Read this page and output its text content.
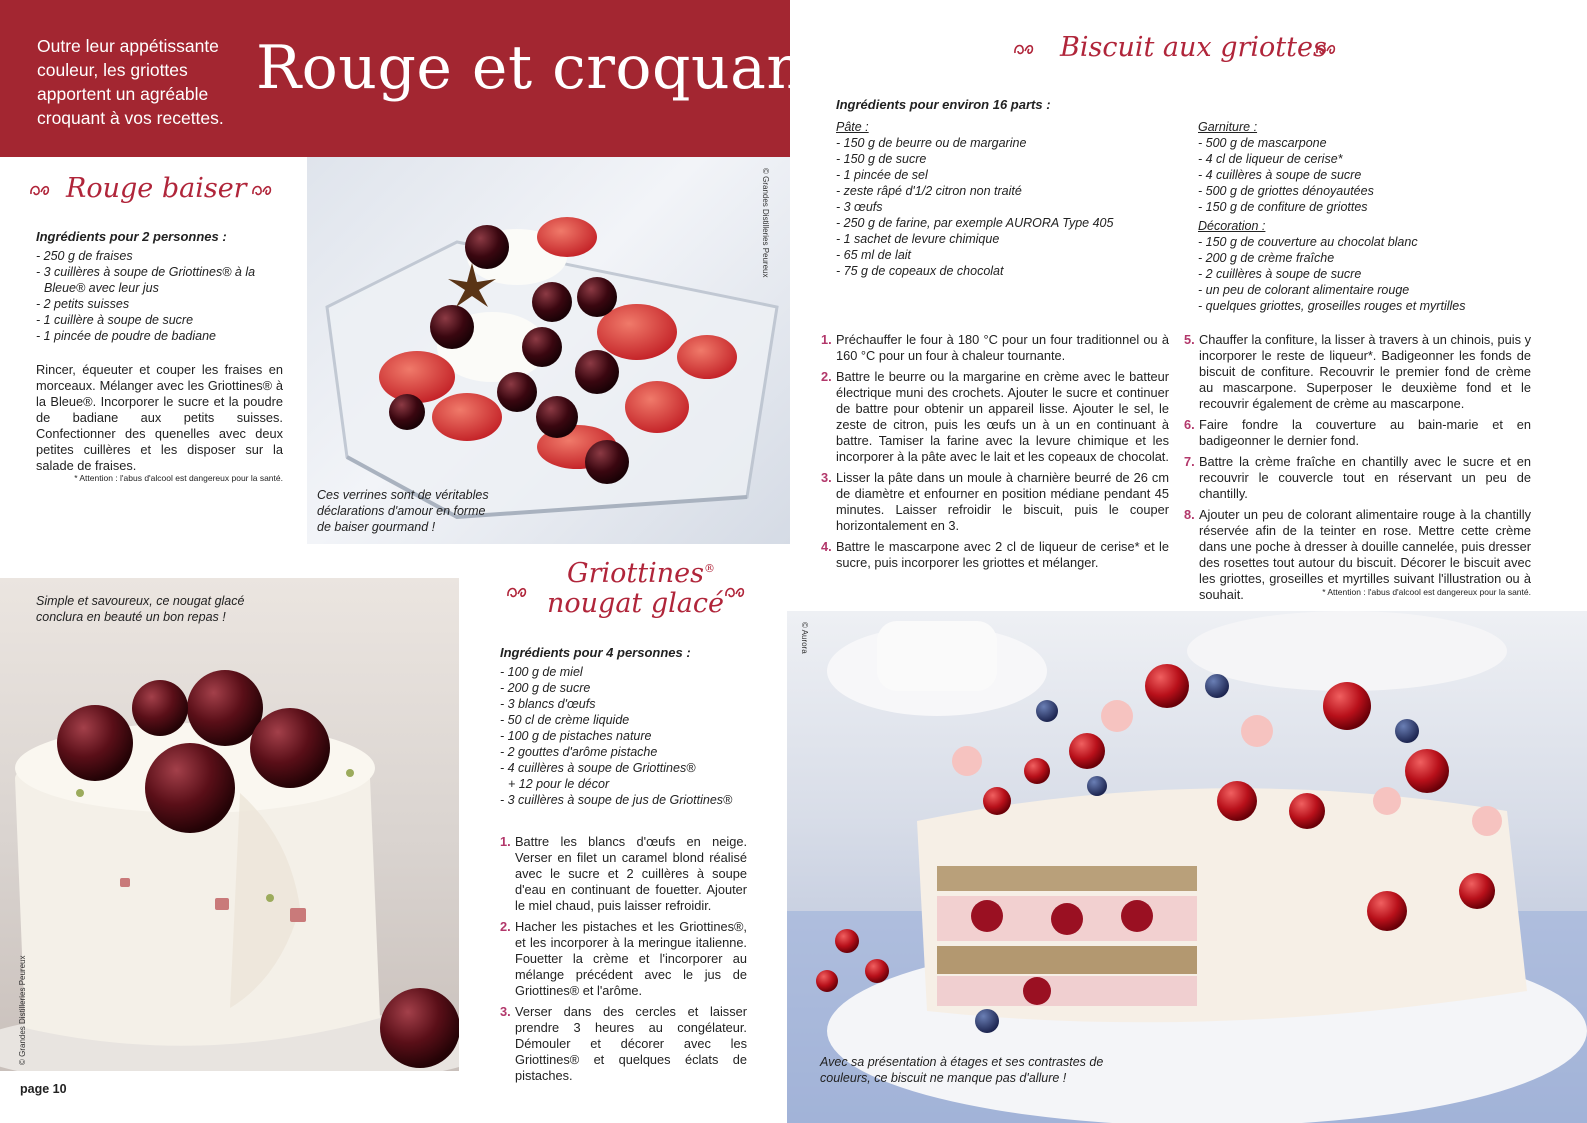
Outre leur appétissante couleur, les griottes apportent un agréable croquant à vos recettes.
Rouge et croquant
Rouge baiser
Ingrédients pour 2 personnes :
- 250 g de fraises
- 3 cuillères à soupe de Griottines® à la
Bleue® avec leur jus
- 2 petits suisses
- 1 cuillère à soupe de sucre
- 1 pincée de poudre de badiane

Rincer, équeuter et couper les fraises en morceaux. Mélanger avec les Griottines® à la Bleue®. Incorporer le sucre et la poudre de badiane aux petits suisses. Confectionner des quenelles avec deux petites cuillères et les disposer sur la salade de fraises.

* Attention : l'abus d'alcool est dangereux pour la santé.
© Grandes Distilleries Peureux

Ces verrines sont de véritables déclarations d'amour en forme de baiser gourmand !

Simple et savoureux, ce nougat glacé conclura en beauté un bon repas !

© Grandes Distilleries Peureux
Griottines®
nougat glacé
Ingrédients pour 4 personnes :
- 100 g de miel
- 200 g de sucre
- 3 blancs d'œufs
- 50 cl de crème liquide
- 100 g de pistaches nature
- 2 gouttes d'arôme pistache
- 4 cuillères à soupe de Griottines®
+ 12 pour le décor
- 3 cuillères à soupe de jus de Griottines®
1. Battre les blancs d'œufs en neige. Verser en filet un caramel blond réalisé avec le sucre et 2 cuillères à soupe d'eau en continuant de fouetter. Ajouter le miel chaud, puis laisser refroidir.
2. Hacher les pistaches et les Griottines®, et les incorporer à la meringue italienne. Fouetter la crème et l'incorporer au mélange précédent avec le jus de Griottines® et l'arôme.
3. Verser dans des cercles et laisser prendre 3 heures au congélateur. Démouler et décorer avec les Griottines® et quelques éclats de pistaches.
page 10
Biscuit aux griottes
Ingrédients pour environ 16 parts :
Pâte :
- 150 g de beurre ou de margarine
- 150 g de sucre
- 1 pincée de sel
- zeste râpé d'1/2 citron non traité
- 3 œufs
- 250 g de farine, par exemple AURORA Type 405
- 1 sachet de levure chimique
- 65 ml de lait
- 75 g de copeaux de chocolat
Garniture :
- 500 g de mascarpone
- 4 cl de liqueur de cerise*
- 4 cuillères à soupe de sucre
- 500 g de griottes dénoyautées
- 150 g de confiture de griottes
Décoration :
- 150 g de couverture au chocolat blanc
- 200 g de crème fraîche
- 2 cuillères à soupe de sucre
- un peu de colorant alimentaire rouge
- quelques griottes, groseilles rouges et myrtilles
1. Préchauffer le four à 180 °C pour un four traditionnel ou à 160 °C pour un four à chaleur tournante.
2. Battre le beurre ou la margarine en crème avec le batteur électrique muni des crochets. Ajouter le sucre et continuer de battre pour obtenir un appareil lisse. Ajouter le sel, le zeste de citron, puis les œufs un à un en continuant à battre. Tamiser la farine avec la levure chimique et les incorporer à la pâte avec le lait et les copeaux de chocolat.
3. Lisser la pâte dans un moule à charnière beurré de 26 cm de diamètre et enfourner en position médiane pendant 45 minutes. Laisser refroidir le biscuit, puis le couper horizontalement en 3.
4. Battre le mascarpone avec 2 cl de liqueur de cerise* et le sucre, puis incorporer les griottes et mélanger.
5. Chauffer la confiture, la lisser à travers à un chinois, puis y incorporer le reste de liqueur*. Badigeonner les fonds de biscuit de confiture. Recouvrir le premier fond de crème au mascarpone. Superposer le deuxième fond et le recouvrir également de crème au mascarpone.
6. Faire fondre la couverture au bain-marie et en badigeonner le dernier fond.
7. Battre la crème fraîche en chantilly avec le sucre et en recouvrir le couvercle tout en réservant un peu de chantilly.
8. Ajouter un peu de colorant alimentaire rouge à la chantilly réservée afin de la teinter en rose. Mettre cette crème dans une poche à dresser à douille cannelée, puis dresser des rosettes tout autour du biscuit. Décorer le biscuit avec les griottes, groseilles et myrtilles suivant l'illustration ou à souhait.	* Attention : l'abus d'alcool est dangereux pour la santé.
© Aurora

Avec sa présentation à étages et ses contrastes de couleurs, ce biscuit ne manque pas d'allure !
